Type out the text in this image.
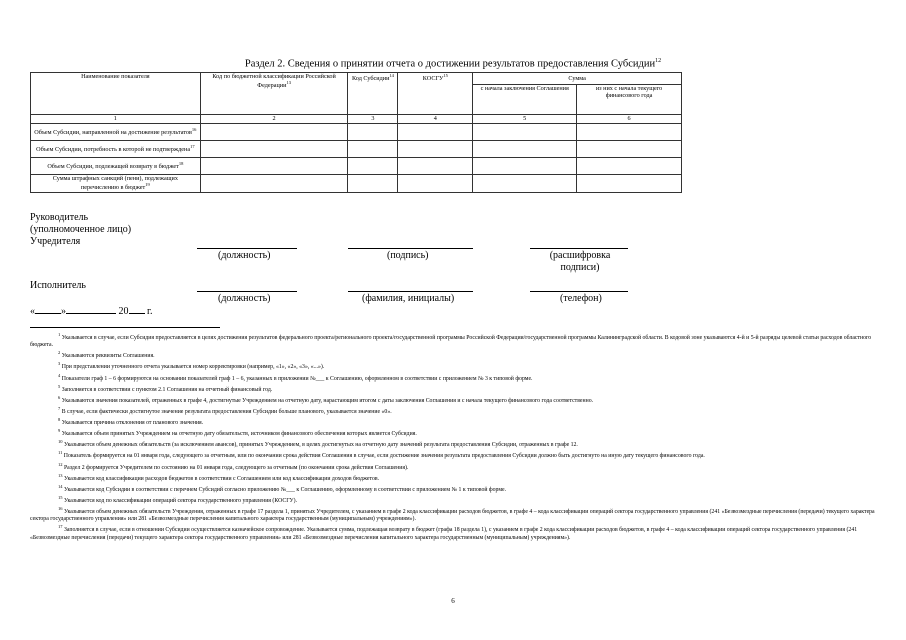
Раздел 2. Сведения о принятии отчета о достижении результатов предоставления Субсидии$^{12}$
Наименование показателя	Код по бюджетной классификации Российской Федерации$^{13}$	Код Субсидии$^{14}$	КОСГУ$^{15}$	Сумма	
				с начала заключения Соглашения	из них с начала текущего финансового года
1	2	3	4	5	6
Объем Субсидии, направленной на достижение результатов$^{16}$					
Объем Субсидии, потребность в которой не подтверждена$^{17}$					
Объем Субсидии, подлежащей возврату в бюджет$^{18}$					
Сумма штрафных санкций (пени), подлежащих перечислению в бюджет$^{19}$					
Руководитель
(уполномоченное лицо)
Учредителя
(должность)	(подпись)	(расшифровка
подписи)
Исполнитель
(должность)	(фамилия, инициалы)	(телефон)
«	»	20 г.

$^1$ Указывается в случае, если Субсидия предоставляется в целях достижения результатов федерального проекта/регионального проекта/государственной программы Российской Федерации/государственной программы Калининградской области. В кодовой зоне указываются 4-й и 5-й разряды целевой статьи расходов областного бюджета.

$^2$ Указываются реквизиты Соглашения.

$^3$ При представлении уточненного отчета указывается номер корректировки (например, «1», «2», «3», «...»).

$^4$ Показатели граф 1 – 6 формируются на основании показателей граф 1 – 6, указанных в приложении №___ к Соглашению, оформленном в соответствии с приложением № 3 к типовой форме.

$^5$ Заполняется в соответствии с пунктом 2.1 Соглашения на отчетный финансовый год.

$^6$ Указываются значения показателей, отраженных в графе 4, достигнутые Учреждением на отчетную дату, нарастающим итогом с даты заключения Соглашения и с начала текущего финансового года соответственно.

$^7$ В случае, если фактически достигнутое значение результата предоставления Субсидии больше планового, указывается значение «0».

$^8$ Указывается причина отклонения от планового значения.

$^9$ Указывается объем принятых Учреждением на отчетную дату обязательств, источником финансового обеспечения которых является Субсидия.

$^{10}$ Указывается объем денежных обязательств (за исключением авансов), принятых Учреждением, в целях достигнутых на отчетную дату значений результата предоставления Субсидии, отраженных в графе 12.

$^{11}$ Показатель формируется на 01 января года, следующего за отчетным, или по окончании срока действия Соглашения в случае, если достижение значения результата предоставления Субсидии должно быть достигнуто на иную дату текущего финансового года.

$^{12}$ Раздел 2 формируется Учредителем по состоянию на 01 января года, следующего за отчетным (по окончании срока действия Соглашения).

$^{13}$ Указывается код классификации расходов бюджетов в соответствии с Соглашением или код классификации доходов бюджетов.

$^{14}$ Указывается код Субсидии в соответствии с перечнем Субсидий согласно приложению №___ к Соглашению, оформленному в соответствии с приложением № 1 к типовой форме.

$^{15}$ Указывается код по классификации операций сектора государственного управления (КОСГУ).

$^{16}$ Указывается объем денежных обязательств Учреждения, отраженных в графе 17 раздела 1, принятых Учредителем, с указанием в графе 2 кода классификации расходов бюджетов, в графе 4 – кода классификации операций сектора государственного управления (241 «Безвозмездные перечисления (передачи) текущего характера сектора государственного управления» или 281 «Безвозмездные перечисления капитального характера государственным (муниципальным) учреждениям»).

$^{17}$ Заполняется в случае, если в отношении Субсидии осуществляется казначейское сопровождение. Указывается сумма, подлежащая возврату в бюджет (графа 18 раздела 1), с указанием в графе 2 кода классификации расходов бюджетов, в графе 4 – кода классификации операций сектора государственного управления (241 «Безвозмездные перечисления (передачи) текущего характера сектора государственного управления» или 281 «Безвозмездные перечисления капитального характера государственным (муниципальным) учреждениям»).

6
